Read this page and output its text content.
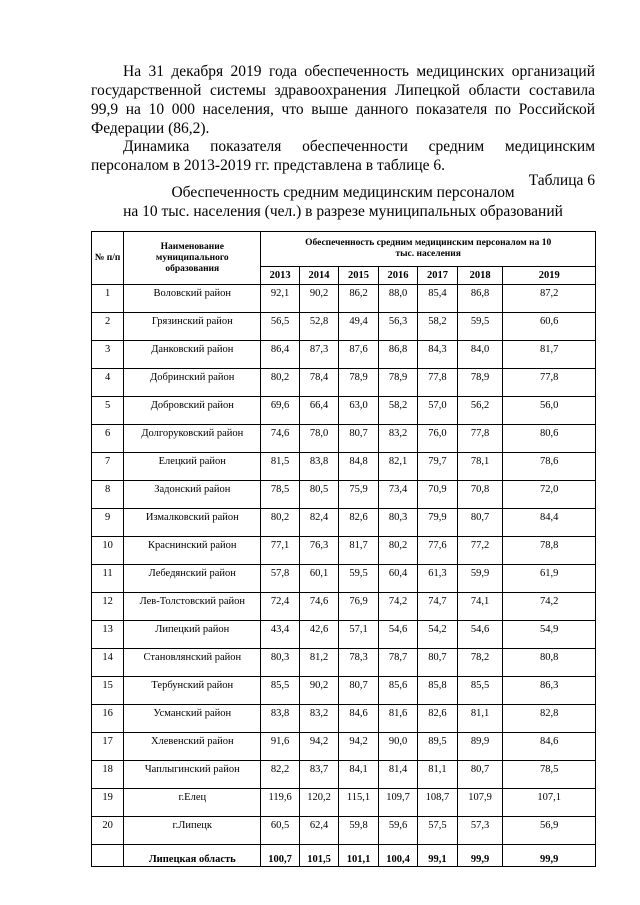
На 31 декабря 2019 года обеспеченность медицинских организаций государственной системы здравоохранения Липецкой области составила 99,9 на 10 000 населения, что выше данного показателя по Российской Федерации (86,2).

Динамика показателя обеспеченности средним медицинским персоналом в 2013-2019 гг. представлена в таблице 6.

Таблица 6

Обеспеченность средним медицинским персоналом
на 10 тыс. населения (чел.) в разрезе муниципальных образований

№ п/п	Наименование муниципального образования	Обеспеченность средним медицинским персоналом на 10 тыс. населения						
		2013	2014	2015	2016	2017	2018	2019
1	Воловский район	92,1	90,2	86,2	88,0	85,4	86,8	87,2
2	Грязинский район	56,5	52,8	49,4	56,3	58,2	59,5	60,6
3	Данковский район	86,4	87,3	87,6	86,8	84,3	84,0	81,7
4	Добринский район	80,2	78,4	78,9	78,9	77,8	78,9	77,8
5	Добровский район	69,6	66,4	63,0	58,2	57,0	56,2	56,0
6	Долгоруковский район	74,6	78,0	80,7	83,2	76,0	77,8	80,6
7	Елецкий район	81,5	83,8	84,8	82,1	79,7	78,1	78,6
8	Задонский район	78,5	80,5	75,9	73,4	70,9	70,8	72,0
9	Измалковский район	80,2	82,4	82,6	80,3	79,9	80,7	84,4
10	Краснинский район	77,1	76,3	81,7	80,2	77,6	77,2	78,8
11	Лебедянский район	57,8	60,1	59,5	60,4	61,3	59,9	61,9
12	Лев-Толстовский район	72,4	74,6	76,9	74,2	74,7	74,1	74,2
13	Липецкий район	43,4	42,6	57,1	54,6	54,2	54,6	54,9
14	Становлянский район	80,3	81,2	78,3	78,7	80,7	78,2	80,8
15	Тербунский район	85,5	90,2	80,7	85,6	85,8	85,5	86,3
16	Усманский район	83,8	83,2	84,6	81,6	82,6	81,1	82,8
17	Хлевенский район	91,6	94,2	94,2	90,0	89,5	89,9	84,6
18	Чаплыгинский район	82,2	83,7	84,1	81,4	81,1	80,7	78,5
19	г.Елец	119,6	120,2	115,1	109,7	108,7	107,9	107,1
20	г.Липецк	60,5	62,4	59,8	59,6	57,5	57,3	56,9
	Липецкая область	100,7	101,5	101,1	100,4	99,1	99,9	99,9
